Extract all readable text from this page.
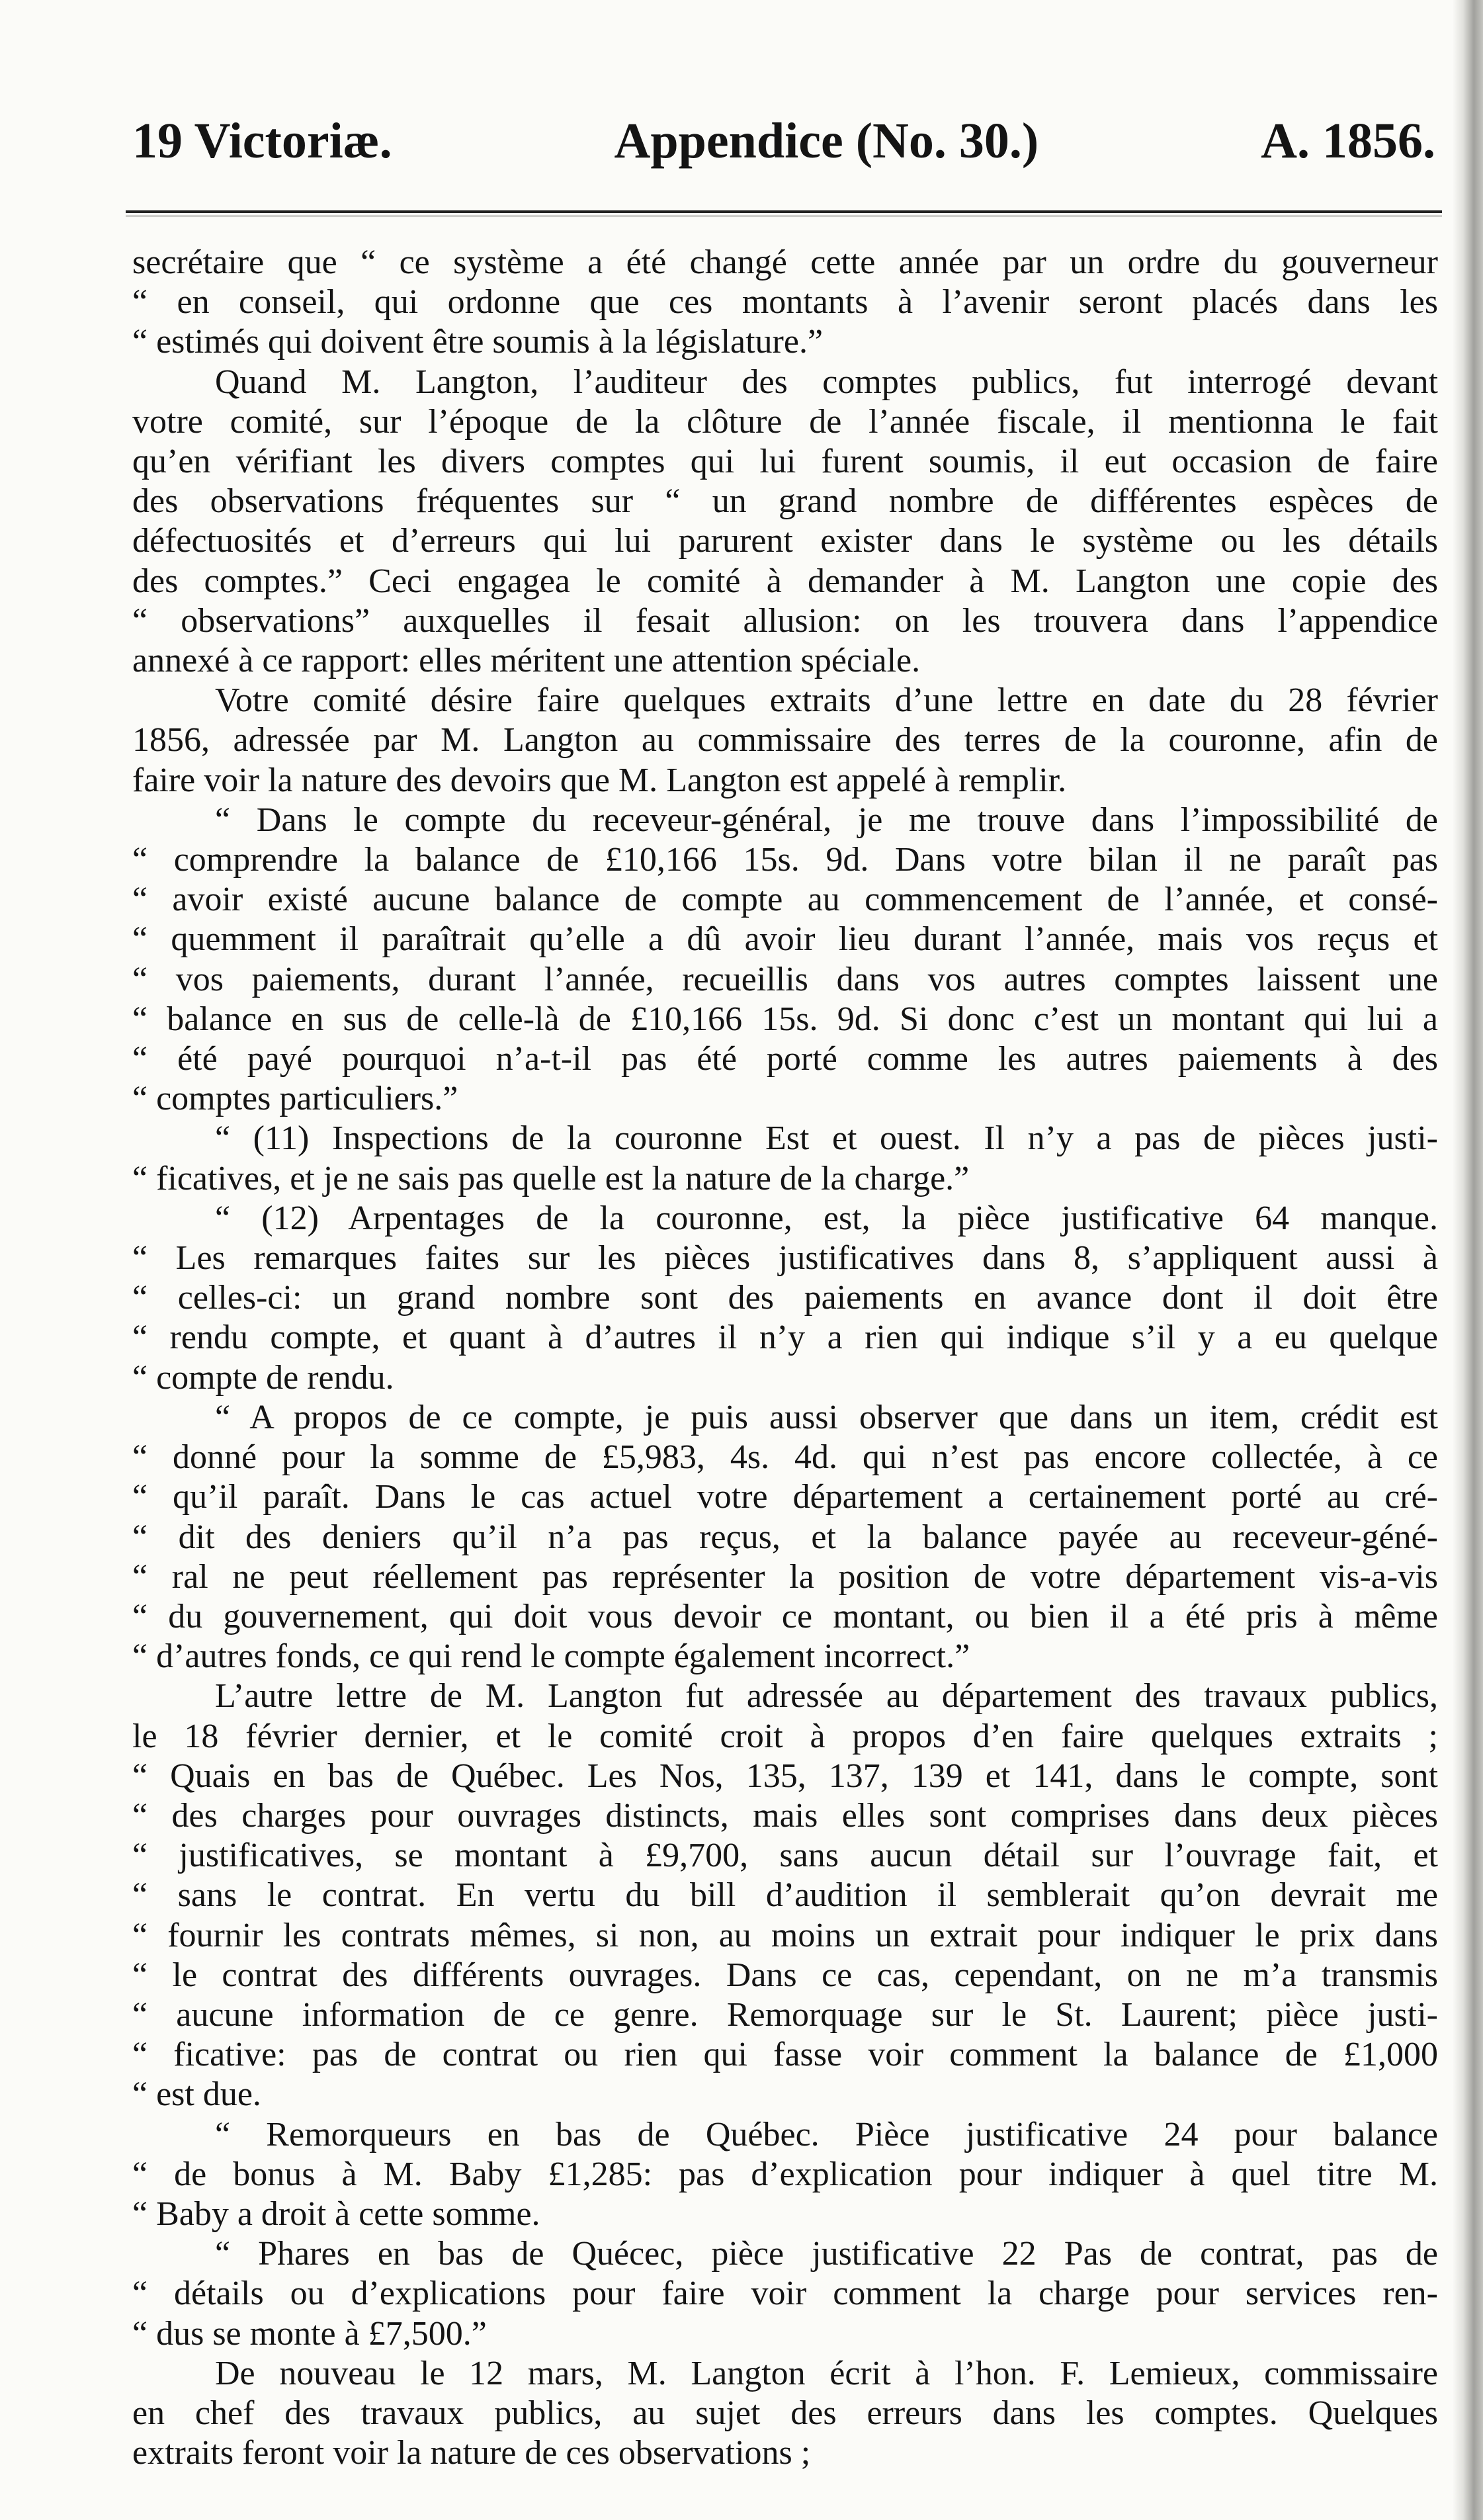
19 Victoriæ.	Appendice (No. 30.)	A. 1856.
secrétaire que “ ce système a été changé cette année par un ordre du gouverneur
“ en conseil, qui ordonne que ces montants à l’avenir seront placés dans les
“ estimés qui doivent être soumis à la législature.”
Quand M. Langton, l’auditeur des comptes publics, fut interrogé devant
votre comité, sur l’époque de la clôture de l’année fiscale, il mentionna le fait
qu’en vérifiant les divers comptes qui lui furent soumis, il eut occasion de faire
des observations fréquentes sur “ un grand nombre de différentes espèces de
défectuosités et d’erreurs qui lui parurent exister dans le système ou les détails
des comptes.” Ceci engagea le comité à demander à M. Langton une copie des
“ observations” auxquelles il fesait allusion: on les trouvera dans l’appendice
annexé à ce rapport: elles méritent une attention spéciale.
Votre comité désire faire quelques extraits d’une lettre en date du 28 février
1856, adressée par M. Langton au commissaire des terres de la couronne, afin de
faire voir la nature des devoirs que M. Langton est appelé à remplir.
“ Dans le compte du receveur-général, je me trouve dans l’impossibilité de
“ comprendre la balance de £10,166 15s. 9d. Dans votre bilan il ne paraît pas
“ avoir existé aucune balance de compte au commencement de l’année, et consé-
“ quemment il paraîtrait qu’elle a dû avoir lieu durant l’année, mais vos reçus et
“ vos paiements, durant l’année, recueillis dans vos autres comptes laissent une
“ balance en sus de celle-là de £10,166 15s. 9d. Si donc c’est un montant qui lui a
“ été payé pourquoi n’a-t-il pas été porté comme les autres paiements à des
“ comptes particuliers.”
“ (11) Inspections de la couronne Est et ouest. Il n’y a pas de pièces justi-
“ ficatives, et je ne sais pas quelle est la nature de la charge.”
“ (12) Arpentages de la couronne, est, la pièce justificative 64 manque.
“ Les remarques faites sur les pièces justificatives dans 8, s’appliquent aussi à
“ celles-ci: un grand nombre sont des paiements en avance dont il doit être
“ rendu compte, et quant à d’autres il n’y a rien qui indique s’il y a eu quelque
“ compte de rendu.
“ A propos de ce compte, je puis aussi observer que dans un item, crédit est
“ donné pour la somme de £5,983, 4s. 4d. qui n’est pas encore collectée, à ce
“ qu’il paraît. Dans le cas actuel votre département a certainement porté au cré-
“ dit des deniers qu’il n’a pas reçus, et la balance payée au receveur-géné-
“ ral ne peut réellement pas représenter la position de votre département vis-a-vis
“ du gouvernement, qui doit vous devoir ce montant, ou bien il a été pris à même
“ d’autres fonds, ce qui rend le compte également incorrect.”
L’autre lettre de M. Langton fut adressée au département des travaux publics,
le 18 février dernier, et le comité croit à propos d’en faire quelques extraits ;
“ Quais en bas de Québec. Les Nos, 135, 137, 139 et 141, dans le compte, sont
“ des charges pour ouvrages distincts, mais elles sont comprises dans deux pièces
“ justificatives, se montant à £9,700, sans aucun détail sur l’ouvrage fait, et
“ sans le contrat. En vertu du bill d’audition il semblerait qu’on devrait me
“ fournir les contrats mêmes, si non, au moins un extrait pour indiquer le prix dans
“ le contrat des différents ouvrages. Dans ce cas, cependant, on ne m’a transmis
“ aucune information de ce genre. Remorquage sur le St. Laurent; pièce justi-
“ ficative: pas de contrat ou rien qui fasse voir comment la balance de £1,000
“ est due.
“ Remorqueurs en bas de Québec. Pièce justificative 24 pour balance
“ de bonus à M. Baby £1,285: pas d’explication pour indiquer à quel titre M.
“ Baby a droit à cette somme.
“ Phares en bas de Quécec, pièce justificative 22 Pas de contrat, pas de
“ détails ou d’explications pour faire voir comment la charge pour services ren-
“ dus se monte à £7,500.”
De nouveau le 12 mars, M. Langton écrit à l’hon. F. Lemieux, commissaire
en chef des travaux publics, au sujet des erreurs dans les comptes. Quelques
extraits feront voir la nature de ces observations ;
